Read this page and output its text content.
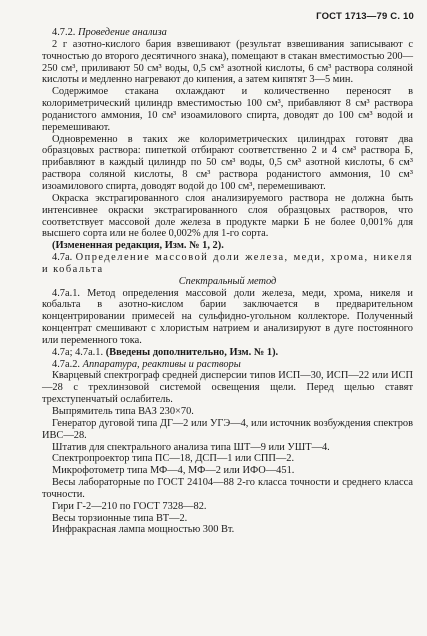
ГОСТ 1713—79 С. 10

4.7.2. Проведение анализа

2 г азотно-кислого бария взвешивают (результат взвешивания записывают с точностью до второго десятичного знака), помещают в стакан вместимостью 200—250 см³, приливают 50 см³ воды, 0,5 см³ азотной кислоты, 6 см³ раствора соляной кислоты и медленно нагревают до кипения, а затем кипятят 3—5 мин.

Содержимое стакана охлаждают и количественно переносят в колориметрический цилиндр вместимостью 100 см³, прибавляют 8 см³ раствора роданистого аммония, 10 см³ изоамилового спирта, доводят до 100 см³ водой и перемешивают.

Одновременно в таких же колориметрических цилиндрах готовят два образцовых раствора: пипеткой отбирают соответственно 2 и 4 см³ раствора Б, прибавляют в каждый цилиндр по 50 см³ воды, 0,5 см³ азотной кислоты, 6 см³ раствора соляной кислоты, 8 см³ раствора роданистого аммония, 10 см³ изоамилового спирта, доводят водой до 100 см³, перемешивают.

Окраска экстрагированного слоя анализируемого раствора не должна быть интенсивнее окраски экстрагированного слоя образцовых растворов, что соответствует массовой доле железа в продукте марки Б не более 0,001% для высшего сорта или не более 0,002% для 1-го сорта.

(Измененная редакция, Изм. № 1, 2).

4.7а. Определение массовой доли железа, меди, хрома, никеля и кобальта

Спектральный метод

4.7а.1. Метод определения массовой доли железа, меди, хрома, никеля и кобальта в азотно-кислом барии заключается в предварительном концентрировании примесей на сульфидно-угольном коллекторе. Полученный концентрат смешивают с хлористым натрием и анализируют в дуге постоянного или переменного тока.

4.7а; 4.7а.1. (Введены дополнительно, Изм. № 1).

4.7а.2. Аппаратура, реактивы и растворы

Кварцевый спектрограф средней дисперсии типов ИСП—30, ИСП—22 или ИСП—28 с трехлинзовой системой освещения щели. Перед щелью ставят трехступенчатый ослабитель.

Выпрямитель типа ВАЗ 230×70.

Генератор дуговой типа ДГ—2 или УГЭ—4, или источник возбуждения спектров ИВС—28.

Штатив для спектрального анализа типа ШТ—9 или УШТ—4.

Спектропроектор типа ПС—18, ДСП—1 или СПП—2.

Микрофотометр типа МФ—4, МФ—2 или ИФО—451.

Весы лабораторные по ГОСТ 24104—88 2-го класса точности и среднего класса точности.

Гири Г-2—210 по ГОСТ 7328—82.

Весы торзионные типа ВТ—2.

Инфракрасная лампа мощностью 300 Вт.
